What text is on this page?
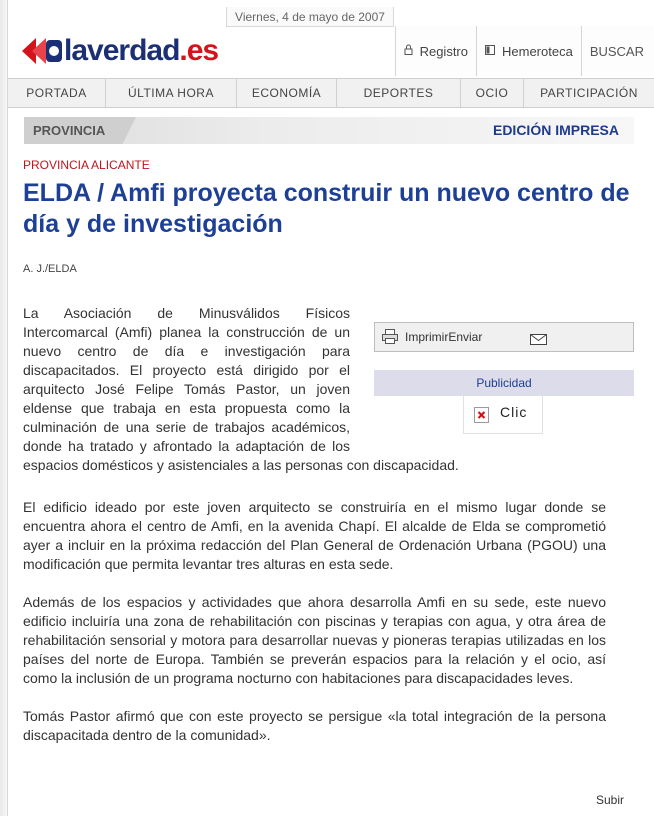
Viernes, 4 de mayo de 2007
laverdad.es	Registro	Hemeroteca BUSCAR
PORTADA	ÚLTIMA HORA	ECONOMÍA	DEPORTES	OCIO	PARTICIPACIÓN
PROVINCIA	EDICIÓN IMPRESA
PROVINCIA ALICANTE
ELDA / Amfi proyecta construir un nuevo centro de día y de investigación
A. J./ELDA

La Asociación de Minusválidos Físicos Intercomarcal (Amfi) planea la construcción de un nuevo centro de día e investigación para discapacitados. El proyecto está dirigido por el arquitecto José Felipe Tomás Pastor, un joven eldense que trabaja en esta propuesta como la culminación de una serie de trabajos académicos, donde ha tratado y afrontado la adaptación de los espacios domésticos y asistenciales a las personas con discapacidad.

El edificio ideado por este joven arquitecto se construiría en el mismo lugar donde se encuentra ahora el centro de Amfi, en la avenida Chapí. El alcalde de Elda se comprometió ayer a incluir en la próxima redacción del Plan General de Ordenación Urbana (PGOU) una modificación que permita levantar tres alturas en esta sede.

Además de los espacios y actividades que ahora desarrolla Amfi en su sede, este nuevo edificio incluiría una zona de rehabilitación con piscinas y terapias con agua, y otra área de rehabilitación sensorial y motora para desarrollar nuevas y pioneras terapias utilizadas en los países del norte de Europa. También se preverán espacios para la relación y el ocio, así como la inclusión de un programa nocturno con habitaciones para discapacidades leves.

Tomás Pastor afirmó que con este proyecto se persigue «la total integración de la persona discapacitada dentro de la comunidad».

ImprimirEnviar
Publicidad
Clic
Subir
